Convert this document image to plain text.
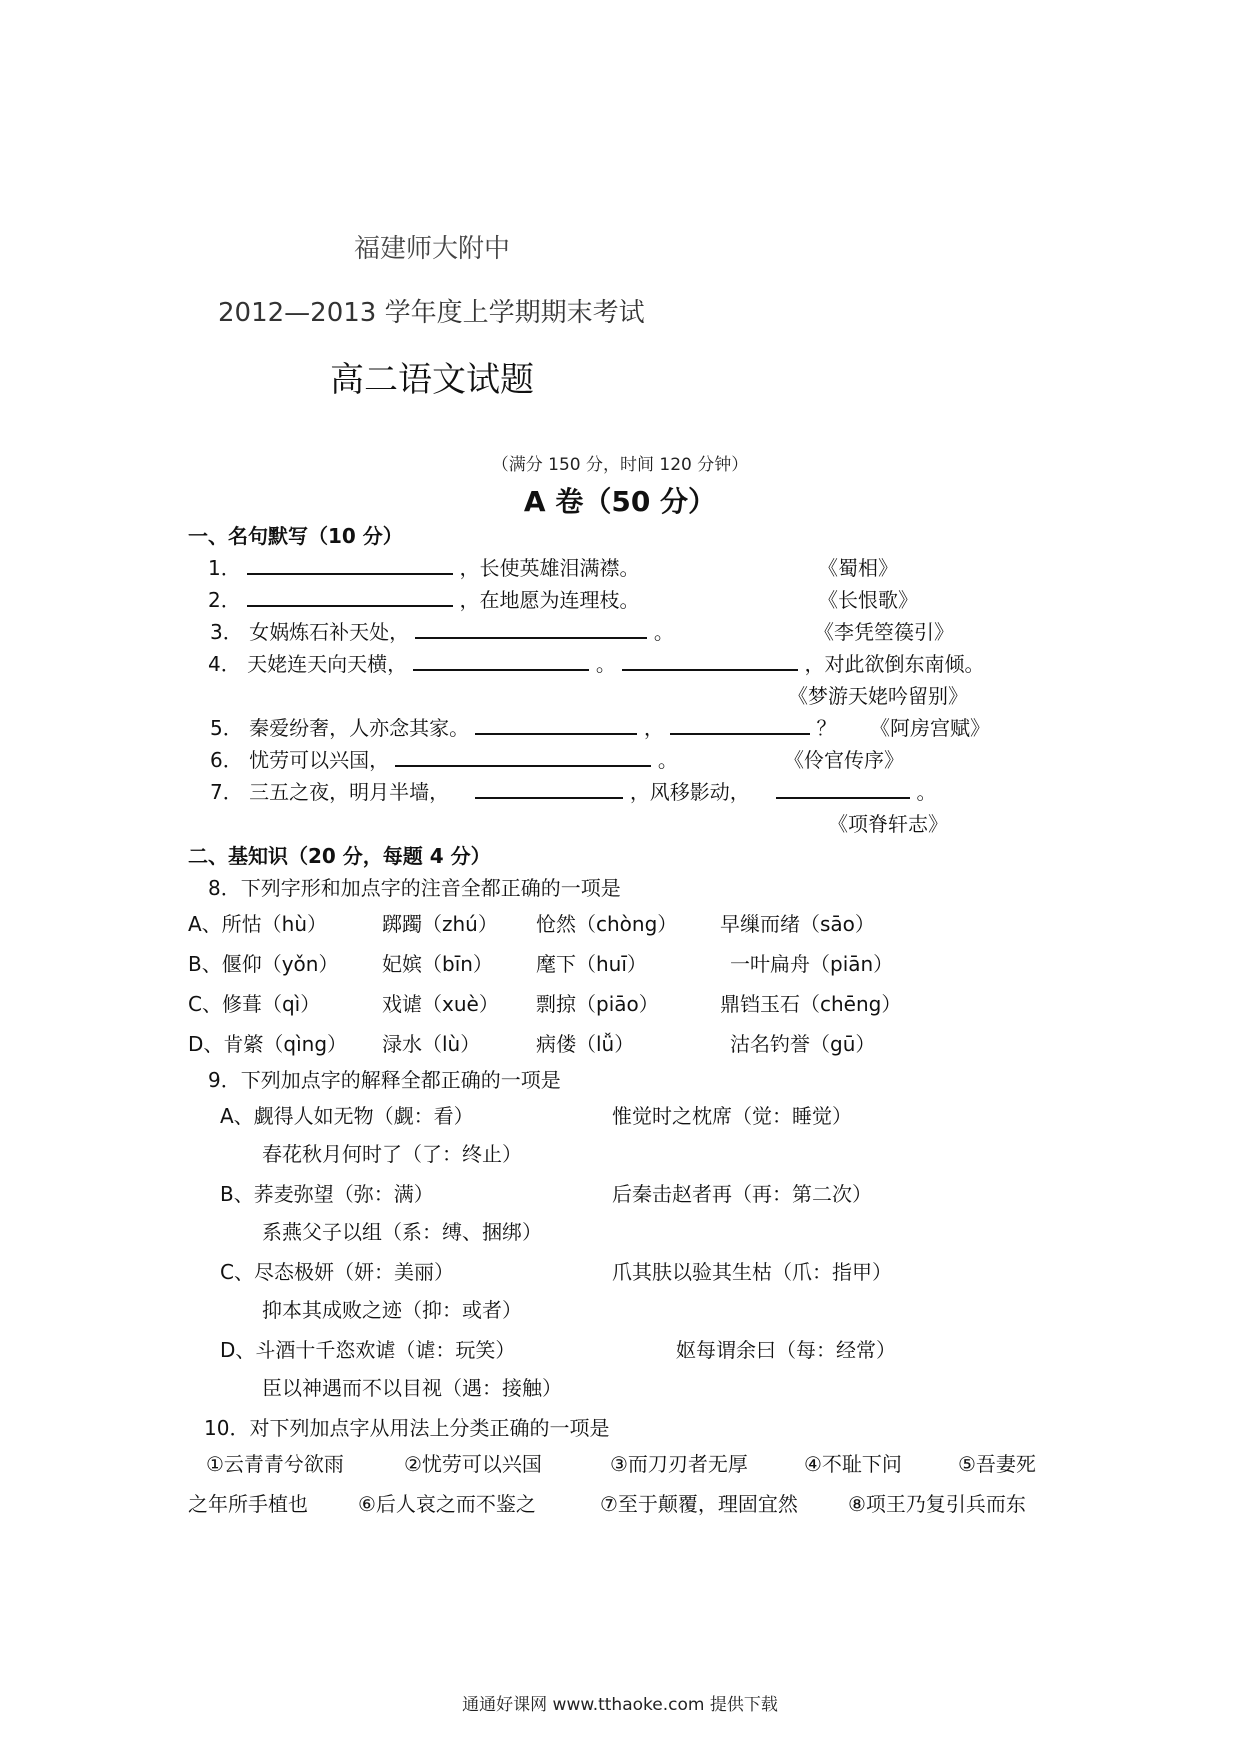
福建师大附中
2012—2013 学年度上学期期末考试
高二语文试题
（满分 150 分，时间 120 分钟）
A 卷（50 分）
一、名句默写（10 分）
1．	，长使英雄泪满襟。	《蜀相》
2．	，在地愿为连理枝。	《长恨歌》
3． 女娲炼石补天处，	。	《李凭箜篌引》
4． 天姥连天向天横，	。	，对此欲倒东南倾。
《梦游天姥吟留别》
5． 秦爱纷奢，人亦念其家。	，	？ 《阿房宫赋》
6． 忧劳可以兴国，	。	《伶官传序》
7． 三五之夜，明月半墙，	，风移影动，	。
《项脊轩志》
二、基知识（20 分，每题 4 分）
8．下列字形和加点字的注音全都正确的一项是
A、所怙（hù）	踯躅（zhú） 怆然（chòng） 早缫而绪（sāo）
B、偃仰（yǒn） 妃嫔（bīn） 麾下（huī）	一叶扁舟（piān）
C、修葺（qì）	戏谑（xuè） 剽掠（piāo）	鼎铛玉石（chēng）
D、肯綮（qìng） 渌水（lù）	病偻（lǚ）	沽名钓誉（gū）
9．下列加点字的解释全都正确的一项是
A、觑得人如无物（觑：看）	惟觉时之枕席（觉：睡觉）
春花秋月何时了（了：终止）
B、荞麦弥望（弥：满）	后秦击赵者再（再：第二次）
系燕父子以组（系：缚、捆绑）
C、尽态极妍（妍：美丽）	爪其肤以验其生枯（爪：指甲）
抑本其成败之迹（抑：或者）
D、斗酒十千恣欢谑（谑：玩笑）	妪每谓余曰（每：经常）
臣以神遇而不以目视（遇：接触）
10．对下列加点字从用法上分类正确的一项是
①云青青兮欲雨	②忧劳可以兴国	③而刀刃者无厚	④不耻下问	⑤吾妻死
之年所手植也	⑥后人哀之而不鉴之	⑦至于颠覆，理固宜然	⑧项王乃复引兵而东
通通好课网 www.tthaoke.com 提供下载
